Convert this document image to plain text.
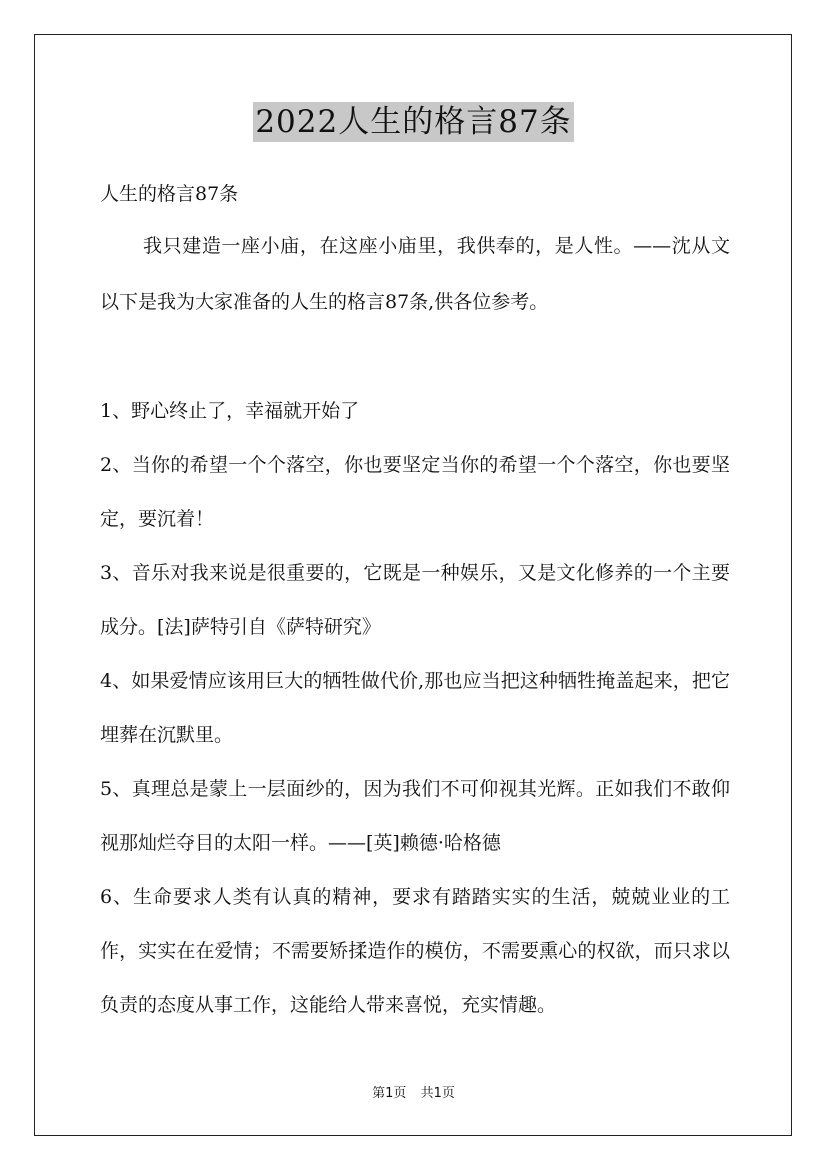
2022人生的格言87条

人生的格言87条

我只建造一座小庙，在这座小庙里，我供奉的，是人性。——沈从文以下是我为大家准备的人生的格言87条,供各位参考。

1、野心终止了，幸福就开始了

2、当你的希望一个个落空，你也要坚定当你的希望一个个落空，你也要坚定，要沉着！

3、音乐对我来说是很重要的，它既是一种娱乐，又是文化修养的一个主要成分。[法]萨特引自《萨特研究》

4、如果爱情应该用巨大的牺牲做代价,那也应当把这种牺牲掩盖起来，把它埋葬在沉默里。

5、真理总是蒙上一层面纱的，因为我们不可仰视其光辉。正如我们不敢仰视那灿烂夺目的太阳一样。——[英]赖德·哈格德

6、生命要求人类有认真的精神，要求有踏踏实实的生活，兢兢业业的工作，实实在在爱情；不需要矫揉造作的模仿，不需要熏心的权欲，而只求以负责的态度从事工作，这能给人带来喜悦，充实情趣。

第1页 共1页
